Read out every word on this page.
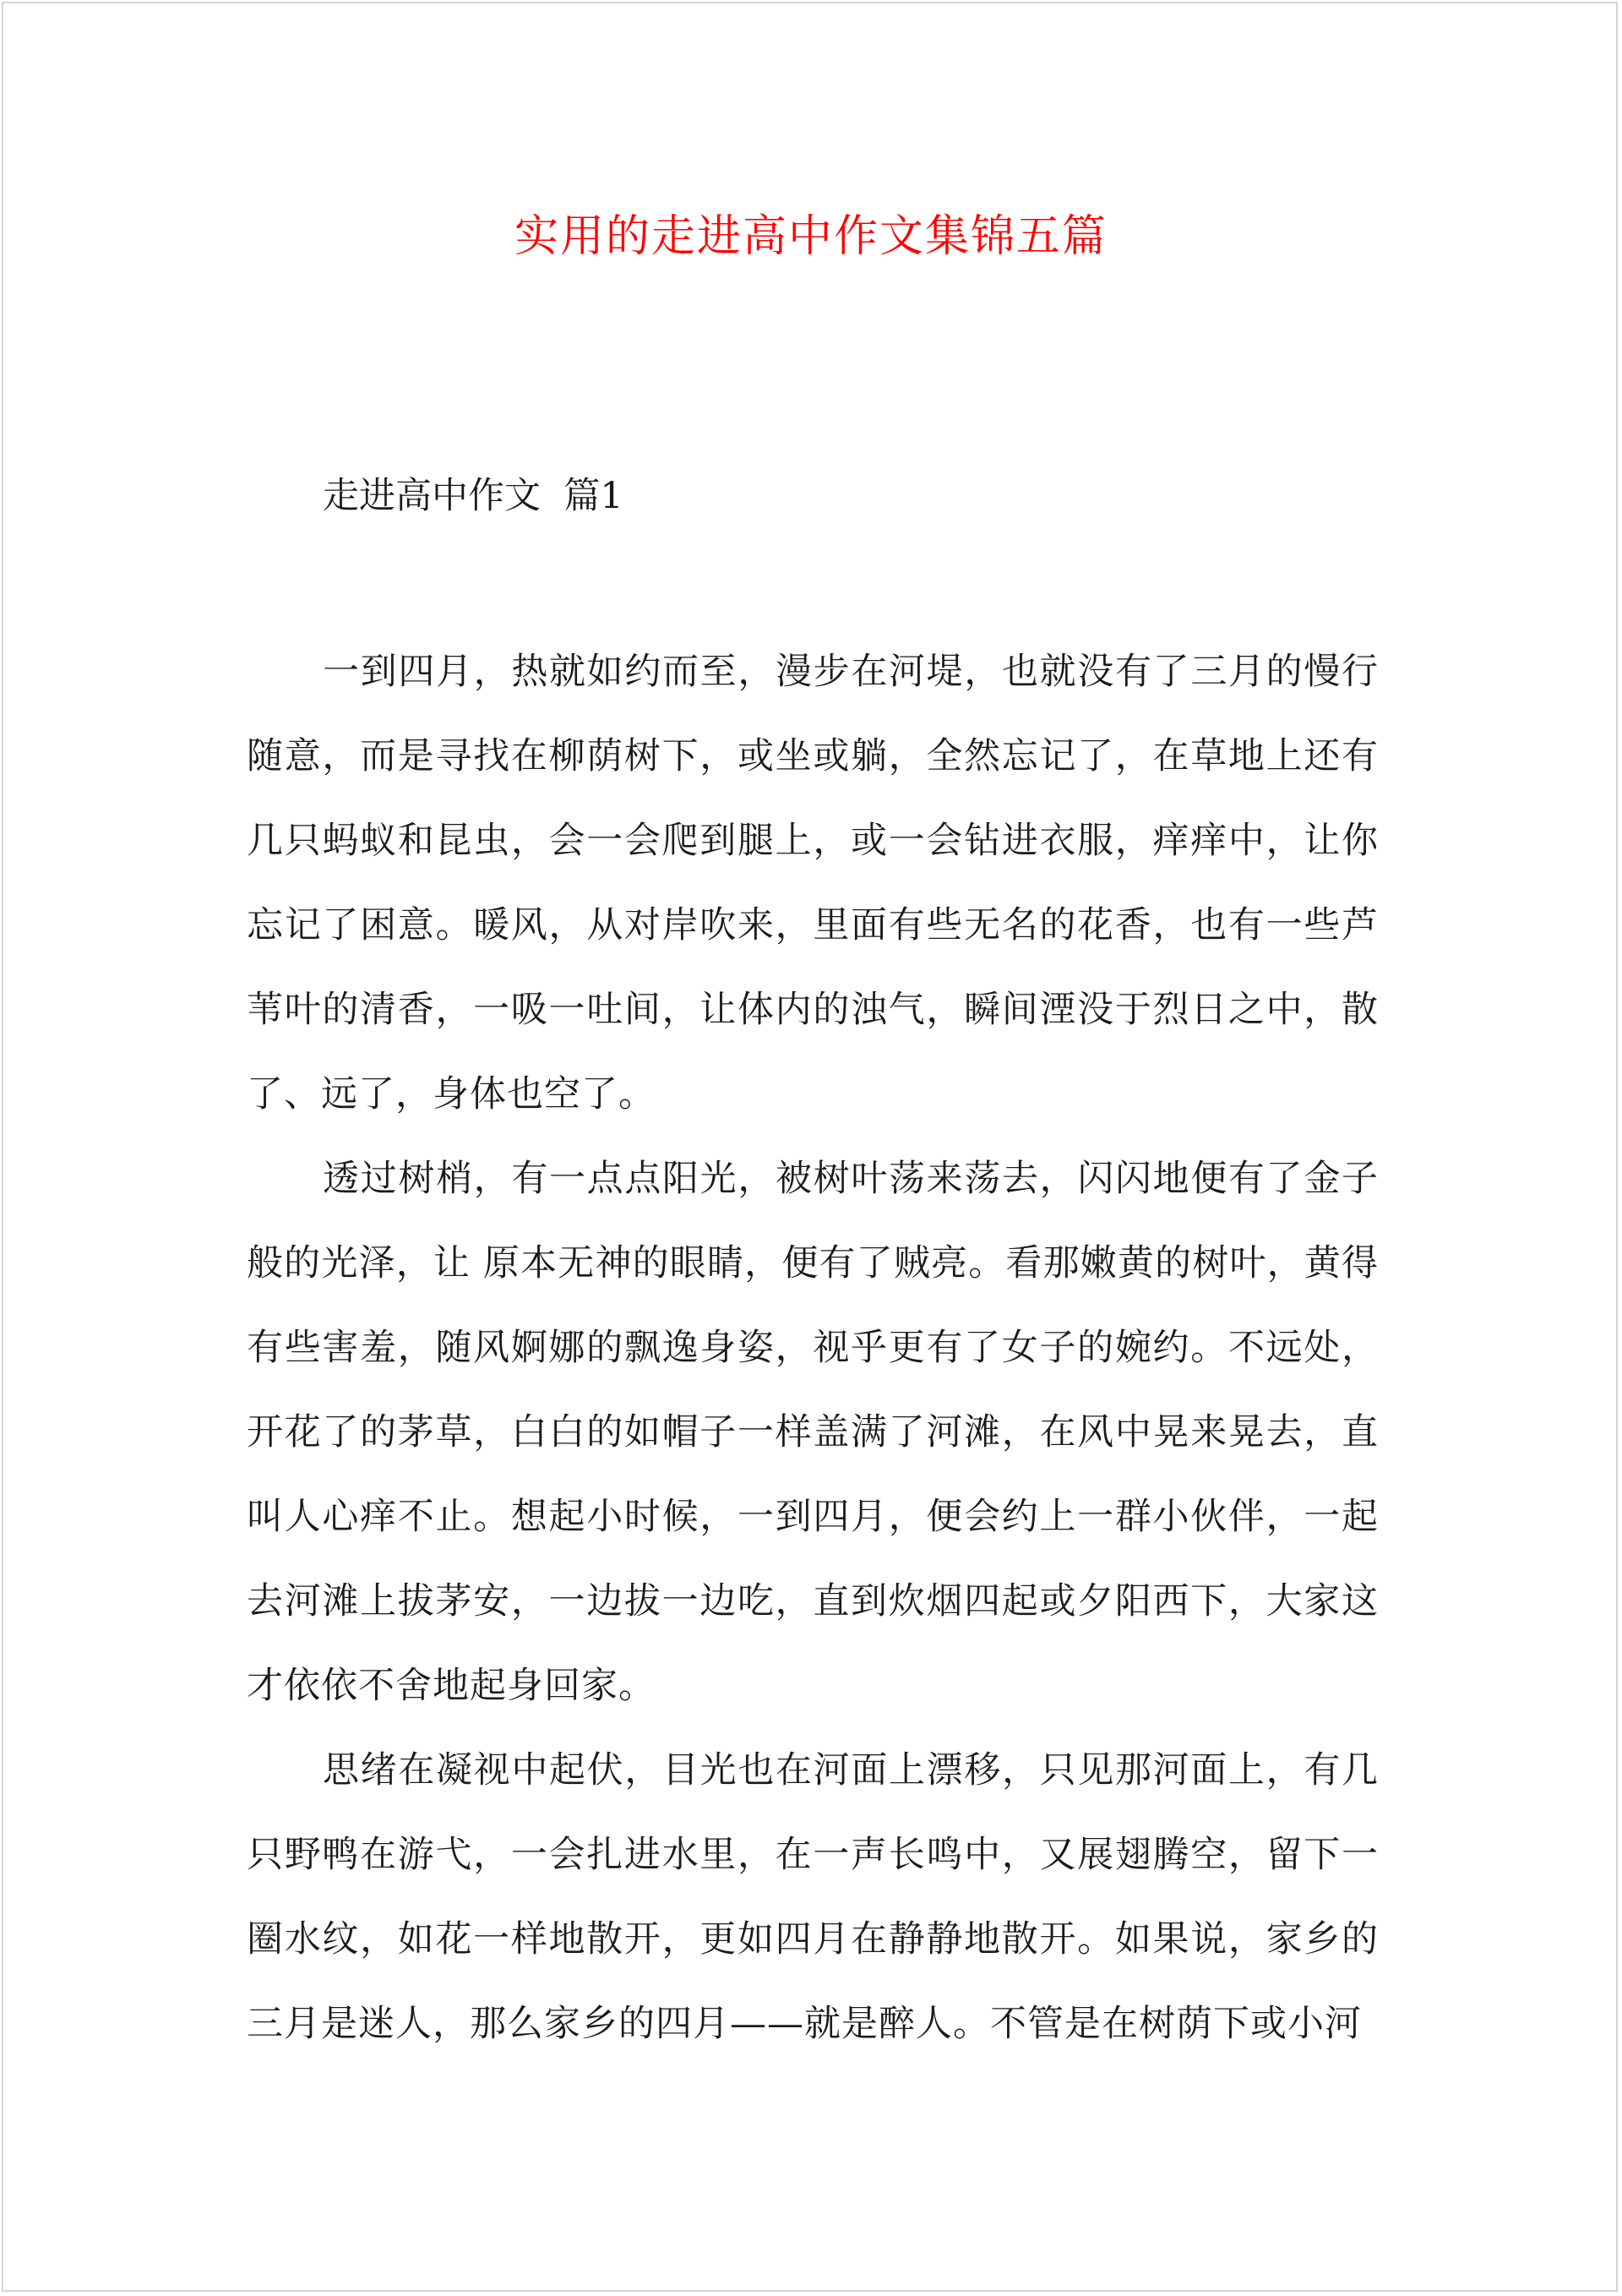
实用的走进高中作文集锦五篇
走进高中作文  篇1

一到四月，热就如约而至，漫步在河堤，也就没有了三月的慢行随意，而是寻找在柳荫树下，或坐或躺，全然忘记了，在草地上还有几只蚂蚁和昆虫，会一会爬到腿上，或一会钻进衣服，痒痒中，让你忘记了困意。暖风，从对岸吹来，里面有些无名的花香，也有一些芦苇叶的清香，一吸一吐间，让体内的浊气，瞬间湮没于烈日之中，散了、远了，身体也空了。

透过树梢，有一点点阳光，被树叶荡来荡去，闪闪地便有了金子般的光泽，让 原本无神的眼睛，便有了贼亮。看那嫩黄的树叶，黄得有些害羞，随风婀娜的飘逸身姿，视乎更有了女子的婉约。不远处，开花了的茅草，白白的如帽子一样盖满了河滩，在风中晃来晃去，直叫人心痒不止。想起小时候，一到四月，便会约上一群小伙伴，一起去河滩上拔茅安，一边拔一边吃，直到炊烟四起或夕阳西下，大家这才依依不舍地起身回家。

思绪在凝视中起伏，目光也在河面上漂移，只见那河面上，有几只野鸭在游弋，一会扎进水里，在一声长鸣中，又展翅腾空，留下一圈水纹，如花一样地散开，更如四月在静静地散开。如果说，家乡的三月是迷人，那么家乡的四月——就是醉人。不管是在树荫下或小河
